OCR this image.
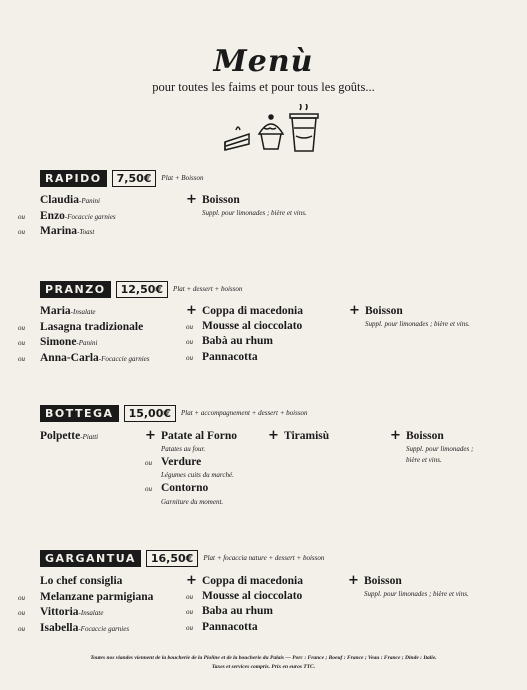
Menù
pour toutes les faims et pour tous les goûts...
RAPIDO 7,50€ Plat + Boisson
Claudia-Panini
ou Enzo-Focaccie garnies
ou Marina-Toast
+ Boisson
Suppl. pour limonades ; bière et vins.
PRANZO 12,50€ Plat + dessert + boisson
Maria-Insalate
ou Lasagna tradizionale
ou Simone-Panini
ou Anna-Carla-Focaccie garnies
+ Coppa di macedonia
ou Mousse al cioccolato
ou Babà au rhum
ou Pannacotta
+ Boisson
Suppl. pour limonades ; bière et vins.
BOTTEGA 15,00€ Plat + accompagnement + dessert + boisson
Polpette-Piatti	+ Patate al Forno
Patates au four.
ou Verdure
Légumes cuits du marché.
ou Contorno
Garniture du moment.
+ Tiramisù	+ Boisson
Suppl. pour limonades ;
bière et vins.
GARGANTUA 16,50€ Plat + focaccia nature + dessert + boisson
Lo chef consiglia
ou Melanzane parmigiana
ou Vittoria-Insalate
ou Isabella-Focaccie garnies
+ Coppa di macedonia
ou Mousse al cioccolato
ou Baba au rhum
ou Pannacotta
+ Boisson
Suppl. pour limonades ; bière et vins.
Toutes nos viandes viennent de la boucherie de la Pioline et de la boucherie du Palais — Porc : France ; Boeuf : France ; Veau : France ; Dinde : Italie.
Taxes et services compris. Prix en euros TTC.
